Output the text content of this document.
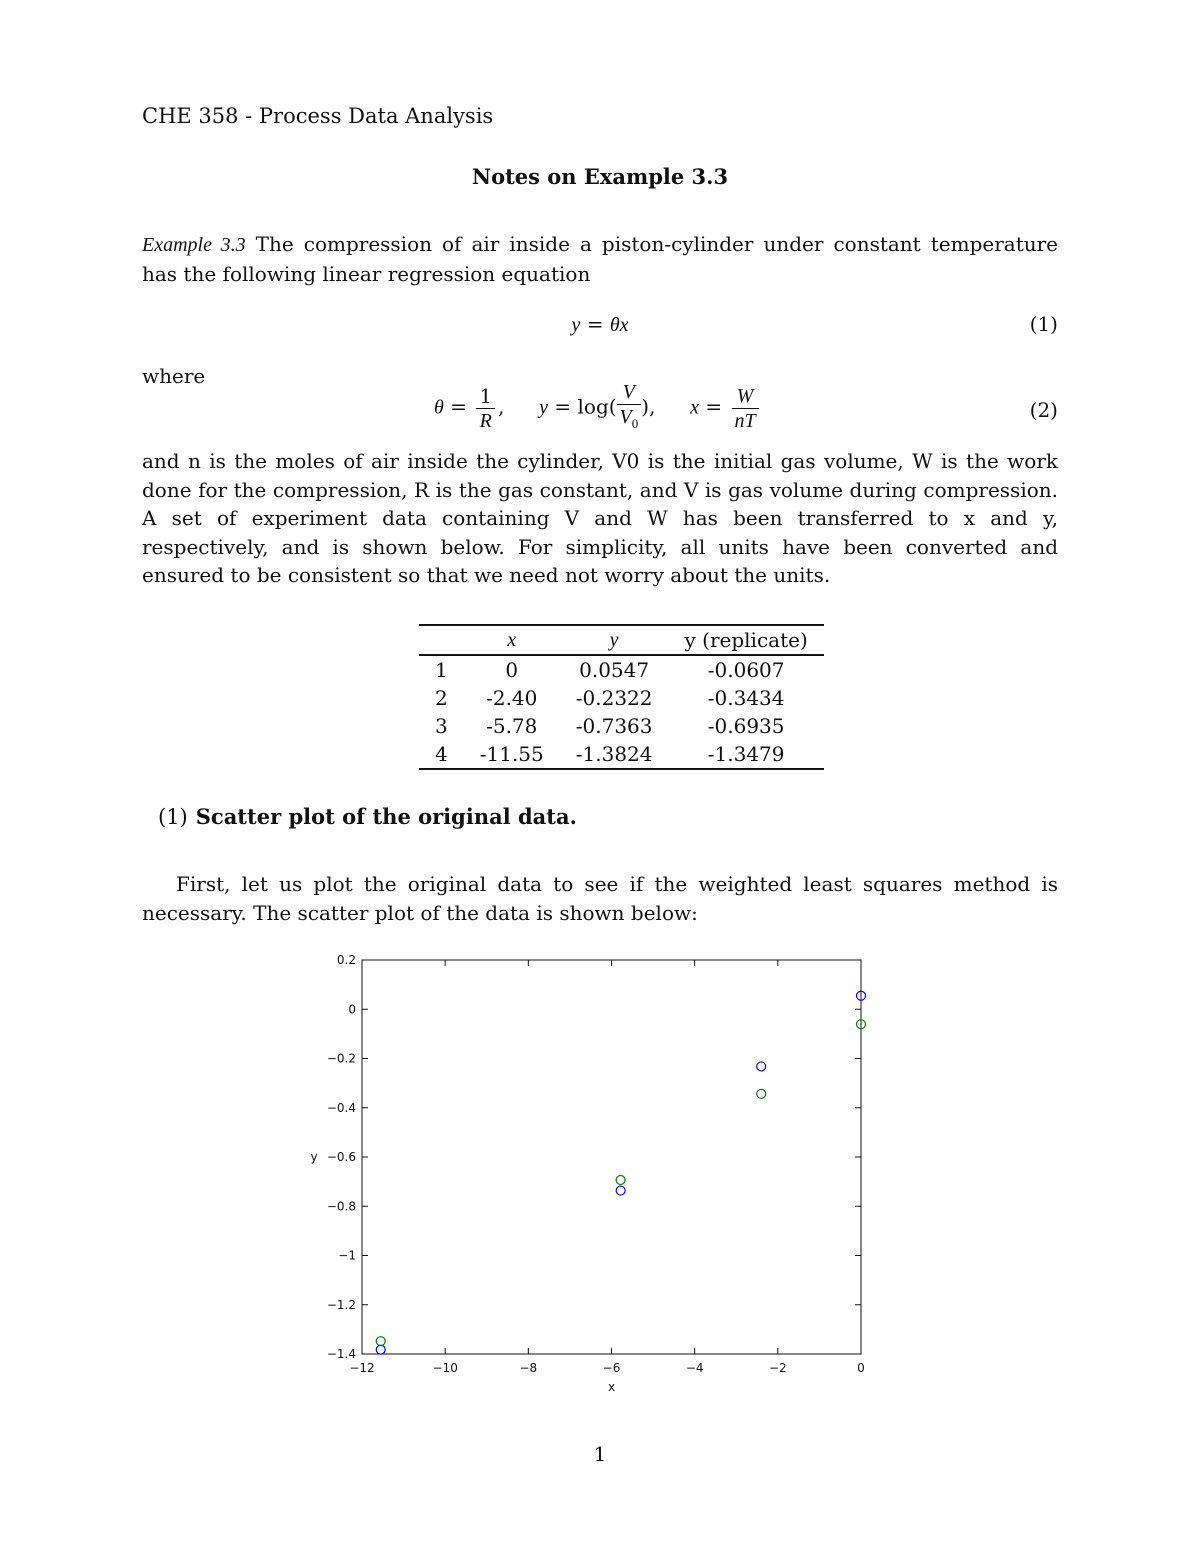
CHE 358 - Process Data Analysis
Notes on Example 3.3
Example 3.3 The compression of air inside a piston-cylinder under constant temperature has the following linear regression equation
y = θx	(1)
where
$\theta = \frac{1}{R}$ ,  $y = \log( \frac{V}{V_0}$ ),  $x = \frac{W}{nT}$	(2)
and n is the moles of air inside the cylinder, V0 is the initial gas volume, W is the work done for the compression, R is the gas constant, and V is gas volume during compression. A set of experiment data containing V and W has been transferred to x and y, respectively, and is shown below. For simplicity, all units have been converted and ensured to be consistent so that we need not worry about the units.
	x	y	y (replicate)
1	0	0.0547	-0.0607
2	-2.40	-0.2322	-0.3434
3	-5.78	-0.7363	-0.6935
4	-11.55	-1.3824	-1.3479
(1) Scatter plot of the original data.
First, let us plot the original data to see if the weighted least squares method is necessary. The scatter plot of the data is shown below:
−12	−10	−8	−6	−4	−2	0
0.2
0
−0.2
−0.4
−0.6
−0.8
−1
−1.2
−1.4
x
y
1
